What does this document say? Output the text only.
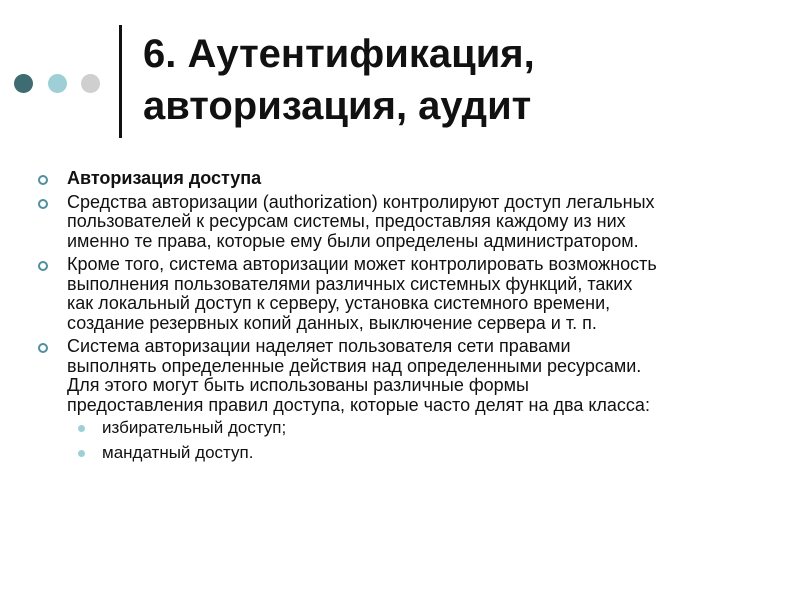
6. Аутентификация,
авторизация, аудит
Авторизация доступа
Средства авторизации (authorization) контролируют доступ легальных
пользователей к ресурсам системы, предоставляя каждому из них
именно те права, которые ему были определены администратором.
Кроме того, система авторизации может контролировать возможность
выполнения пользователями различных системных функций, таких
как локальный доступ к серверу, установка системного времени,
создание резервных копий данных, выключение сервера и т. п.
Система авторизации наделяет пользователя сети правами
выполнять определенные действия над определенными ресурсами.
Для этого могут быть использованы различные формы
предоставления правил доступа, которые часто делят на два класса:
избирательный доступ;
мандатный доступ.
